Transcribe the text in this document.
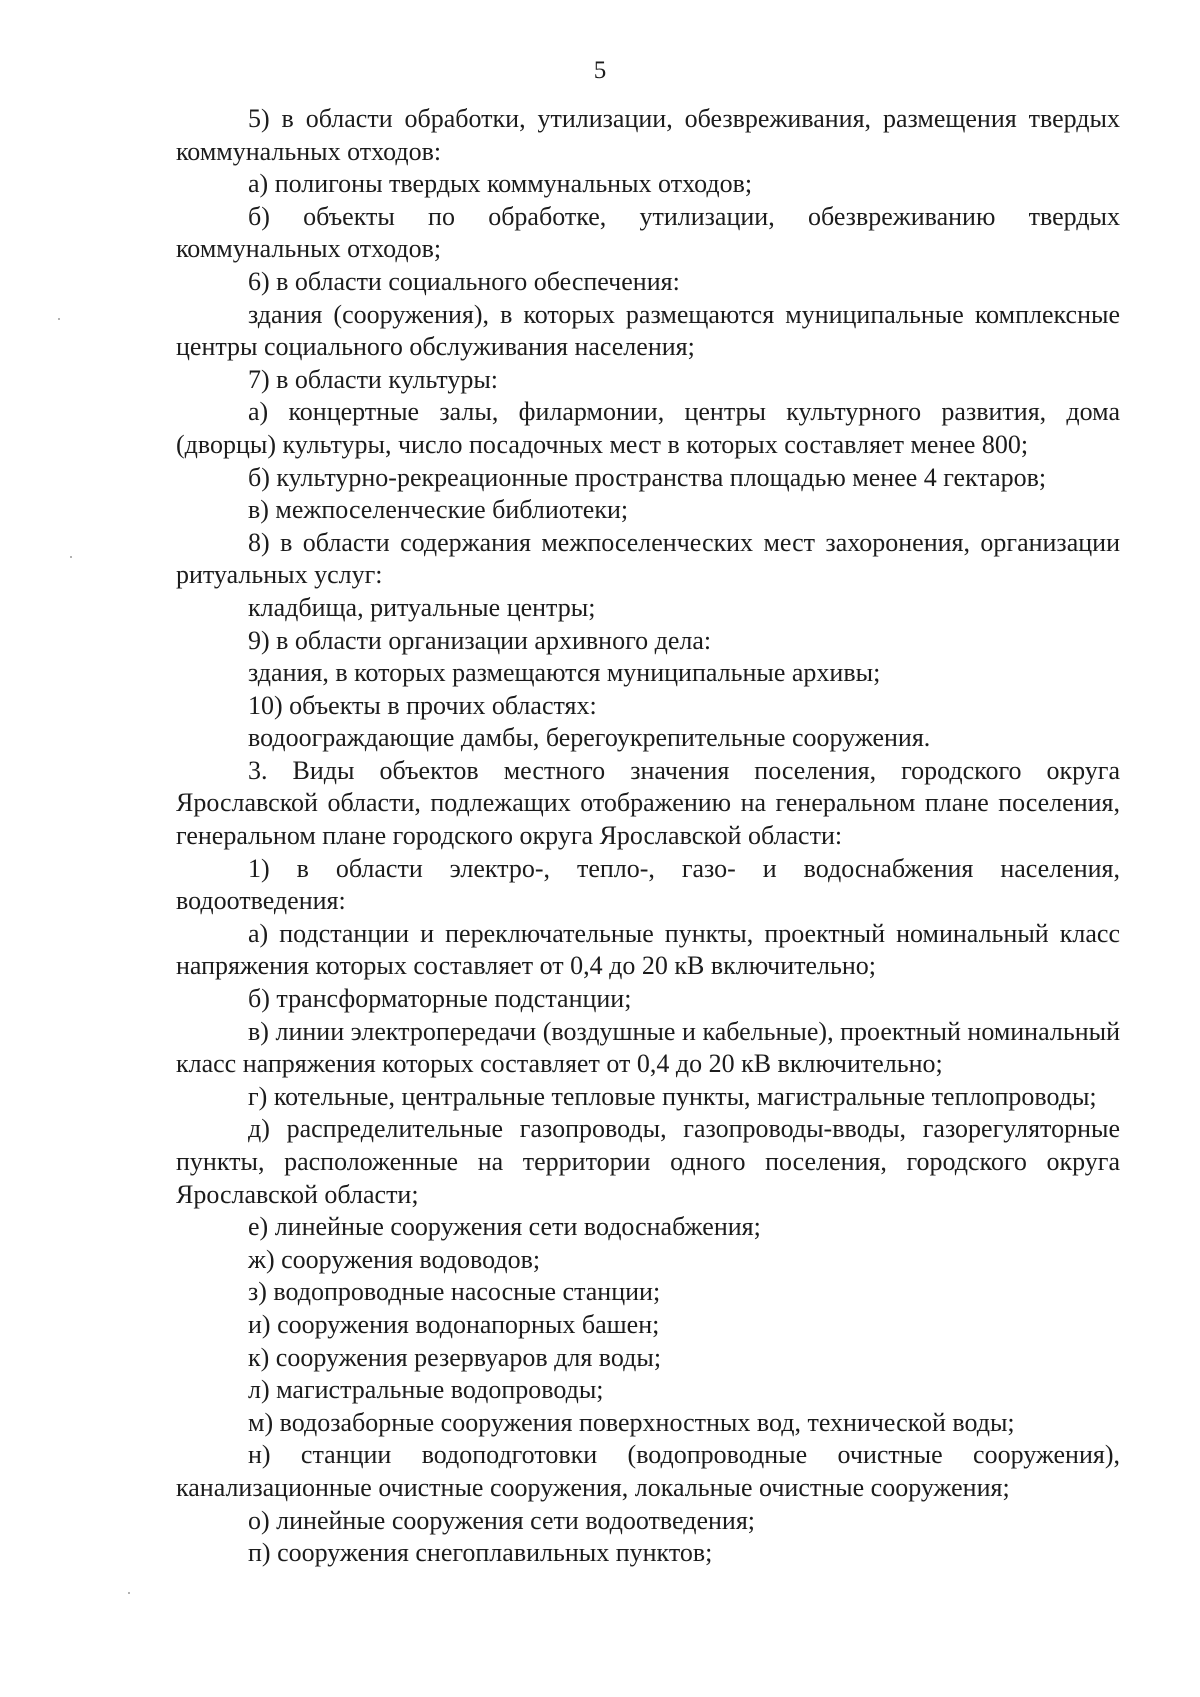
5

5) в области обработки, утилизации, обезвреживания, размещения твердых коммунальных отходов:

а) полигоны твердых коммунальных отходов;

б) объекты по обработке, утилизации, обезвреживанию твердых коммунальных отходов;

6) в области социального обеспечения:

здания (сооружения), в которых размещаются муниципальные комплексные центры социального обслуживания населения;

7) в области культуры:

а) концертные залы, филармонии, центры культурного развития, дома (дворцы) культуры, число посадочных мест в которых составляет менее 800;

б) культурно-рекреационные пространства площадью менее 4 гектаров;

в) межпоселенческие библиотеки;

8) в области содержания межпоселенческих мест захоронения, организации ритуальных услуг:

кладбища, ритуальные центры;

9) в области организации архивного дела:

здания, в которых размещаются муниципальные архивы;

10) объекты в прочих областях:

водоограждающие дамбы, берегоукрепительные сооружения.

3. Виды объектов местного значения поселения, городского округа Ярославской области, подлежащих отображению на генеральном плане поселения, генеральном плане городского округа Ярославской области:

1) в области электро-, тепло-, газо- и водоснабжения населения, водоотведения:

а) подстанции и переключательные пункты, проектный номинальный класс напряжения которых составляет от 0,4 до 20 кВ включительно;

б) трансформаторные подстанции;

в) линии электропередачи (воздушные и кабельные), проектный номинальный класс напряжения которых составляет от 0,4 до 20 кВ включительно;

г) котельные, центральные тепловые пункты, магистральные теплопроводы;

д) распределительные газопроводы, газопроводы-вводы, газорегуляторные пункты, расположенные на территории одного поселения, городского округа Ярославской области;

е) линейные сооружения сети водоснабжения;

ж) сооружения водоводов;

з) водопроводные насосные станции;

и) сооружения водонапорных башен;

к) сооружения резервуаров для воды;

л) магистральные водопроводы;

м) водозаборные сооружения поверхностных вод, технической воды;

н) станции водоподготовки (водопроводные очистные сооружения), канализационные очистные сооружения, локальные очистные сооружения;

о) линейные сооружения сети водоотведения;

п) сооружения снегоплавильных пунктов;
